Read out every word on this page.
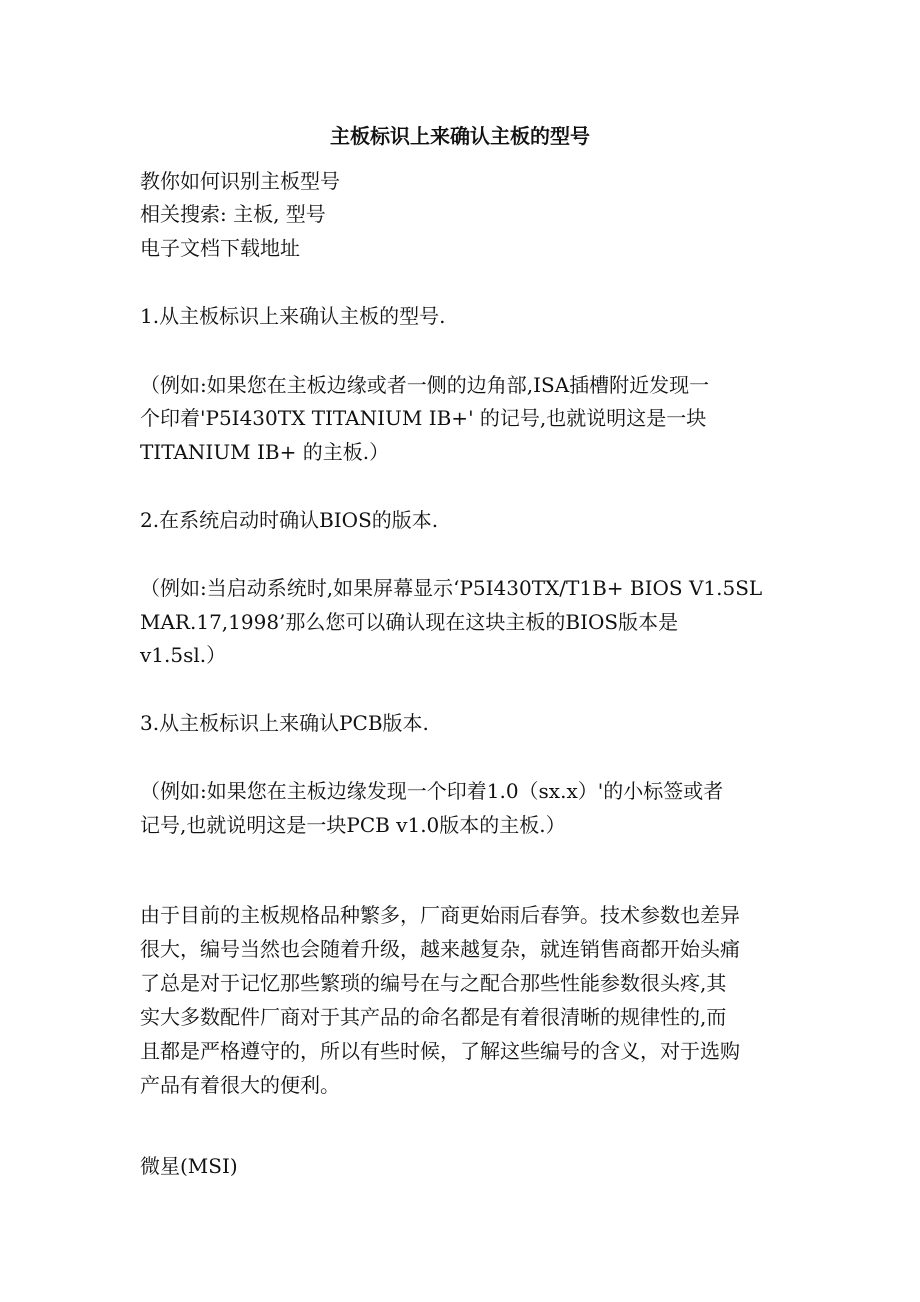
主板标识上来确认主板的型号
教你如何识别主板型号
相关搜索: 主板, 型号
电子文档下载地址
1.从主板标识上来确认主板的型号.
（例如:如果您在主板边缘或者一侧的边角部,ISA插槽附近发现一
个印着'P5I430TX TITANIUM IB+' 的记号,也就说明这是一块
TITANIUM IB+ 的主板.）
2.在系统启动时确认BIOS的版本.
（例如:当启动系统时,如果屏幕显示‘P5I430TX/T1B+ BIOS V1.5SL
MAR.17,1998’那么您可以确认现在这块主板的BIOS版本是
v1.5sl.）
3.从主板标识上来确认PCB版本.
（例如:如果您在主板边缘发现一个印着1.0（sx.x）'的小标签或者
记号,也就说明这是一块PCB v1.0版本的主板.）
由于目前的主板规格品种繁多，厂商更始雨后春笋。技术参数也差异
很大，编号当然也会随着升级，越来越复杂，就连销售商都开始头痛
了总是对于记忆那些繁琐的编号在与之配合那些性能参数很头疼,其
实大多数配件厂商对于其产品的命名都是有着很清晰的规律性的,而
且都是严格遵守的，所以有些时候，了解这些编号的含义，对于选购
产品有着很大的便利。
微星(MSI)
